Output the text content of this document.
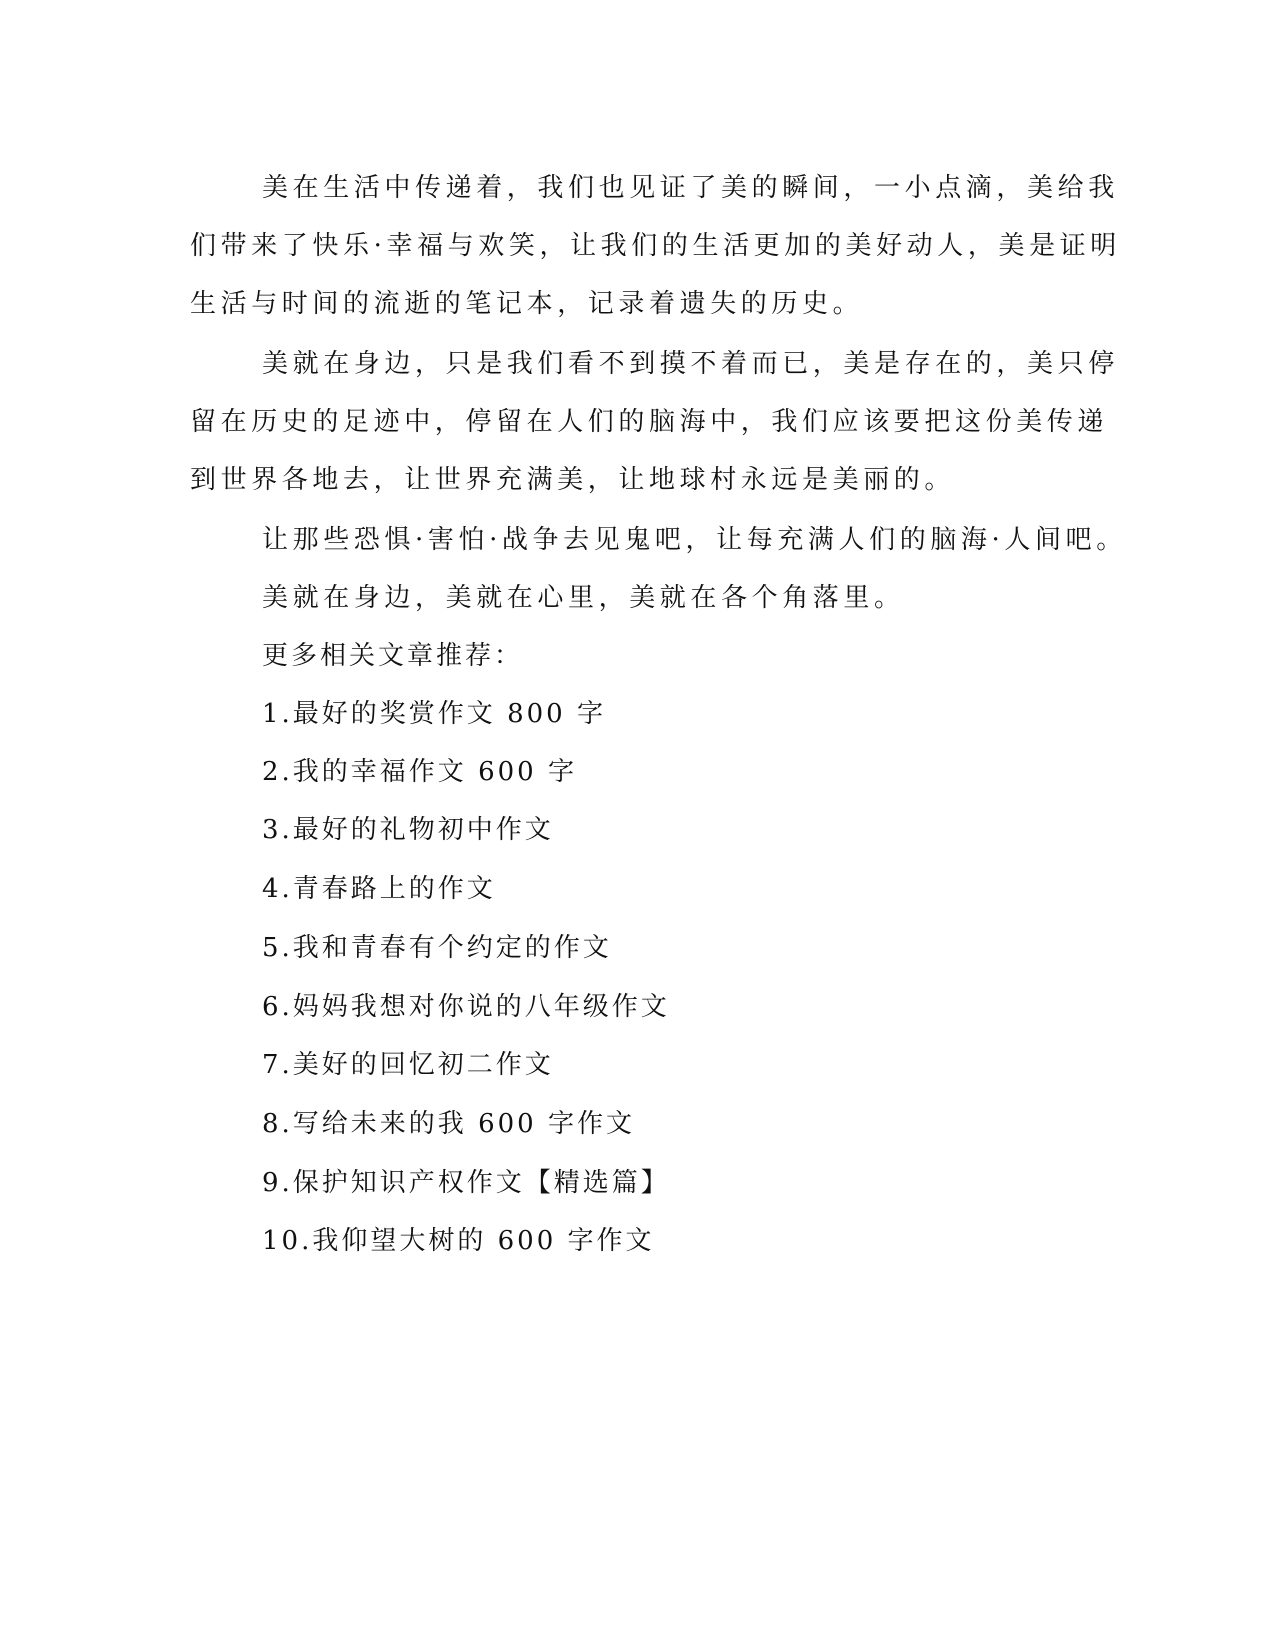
美在生活中传递着，我们也见证了美的瞬间，一小点滴，美给我
们带来了快乐·幸福与欢笑，让我们的生活更加的美好动人，美是证明
生活与时间的流逝的笔记本，记录着遗失的历史。
美就在身边，只是我们看不到摸不着而已，美是存在的，美只停
留在历史的足迹中，停留在人们的脑海中，我们应该要把这份美传递
到世界各地去，让世界充满美，让地球村永远是美丽的。
让那些恐惧·害怕·战争去见鬼吧，让每充满人们的脑海·人间吧。
美就在身边，美就在心里，美就在各个角落里。
更多相关文章推荐：
1.最好的奖赏作文 800 字
2.我的幸福作文 600 字
3.最好的礼物初中作文
4.青春路上的作文
5.我和青春有个约定的作文
6.妈妈我想对你说的八年级作文
7.美好的回忆初二作文
8.写给未来的我 600 字作文
9.保护知识产权作文【精选篇】
10.我仰望大树的 600 字作文
